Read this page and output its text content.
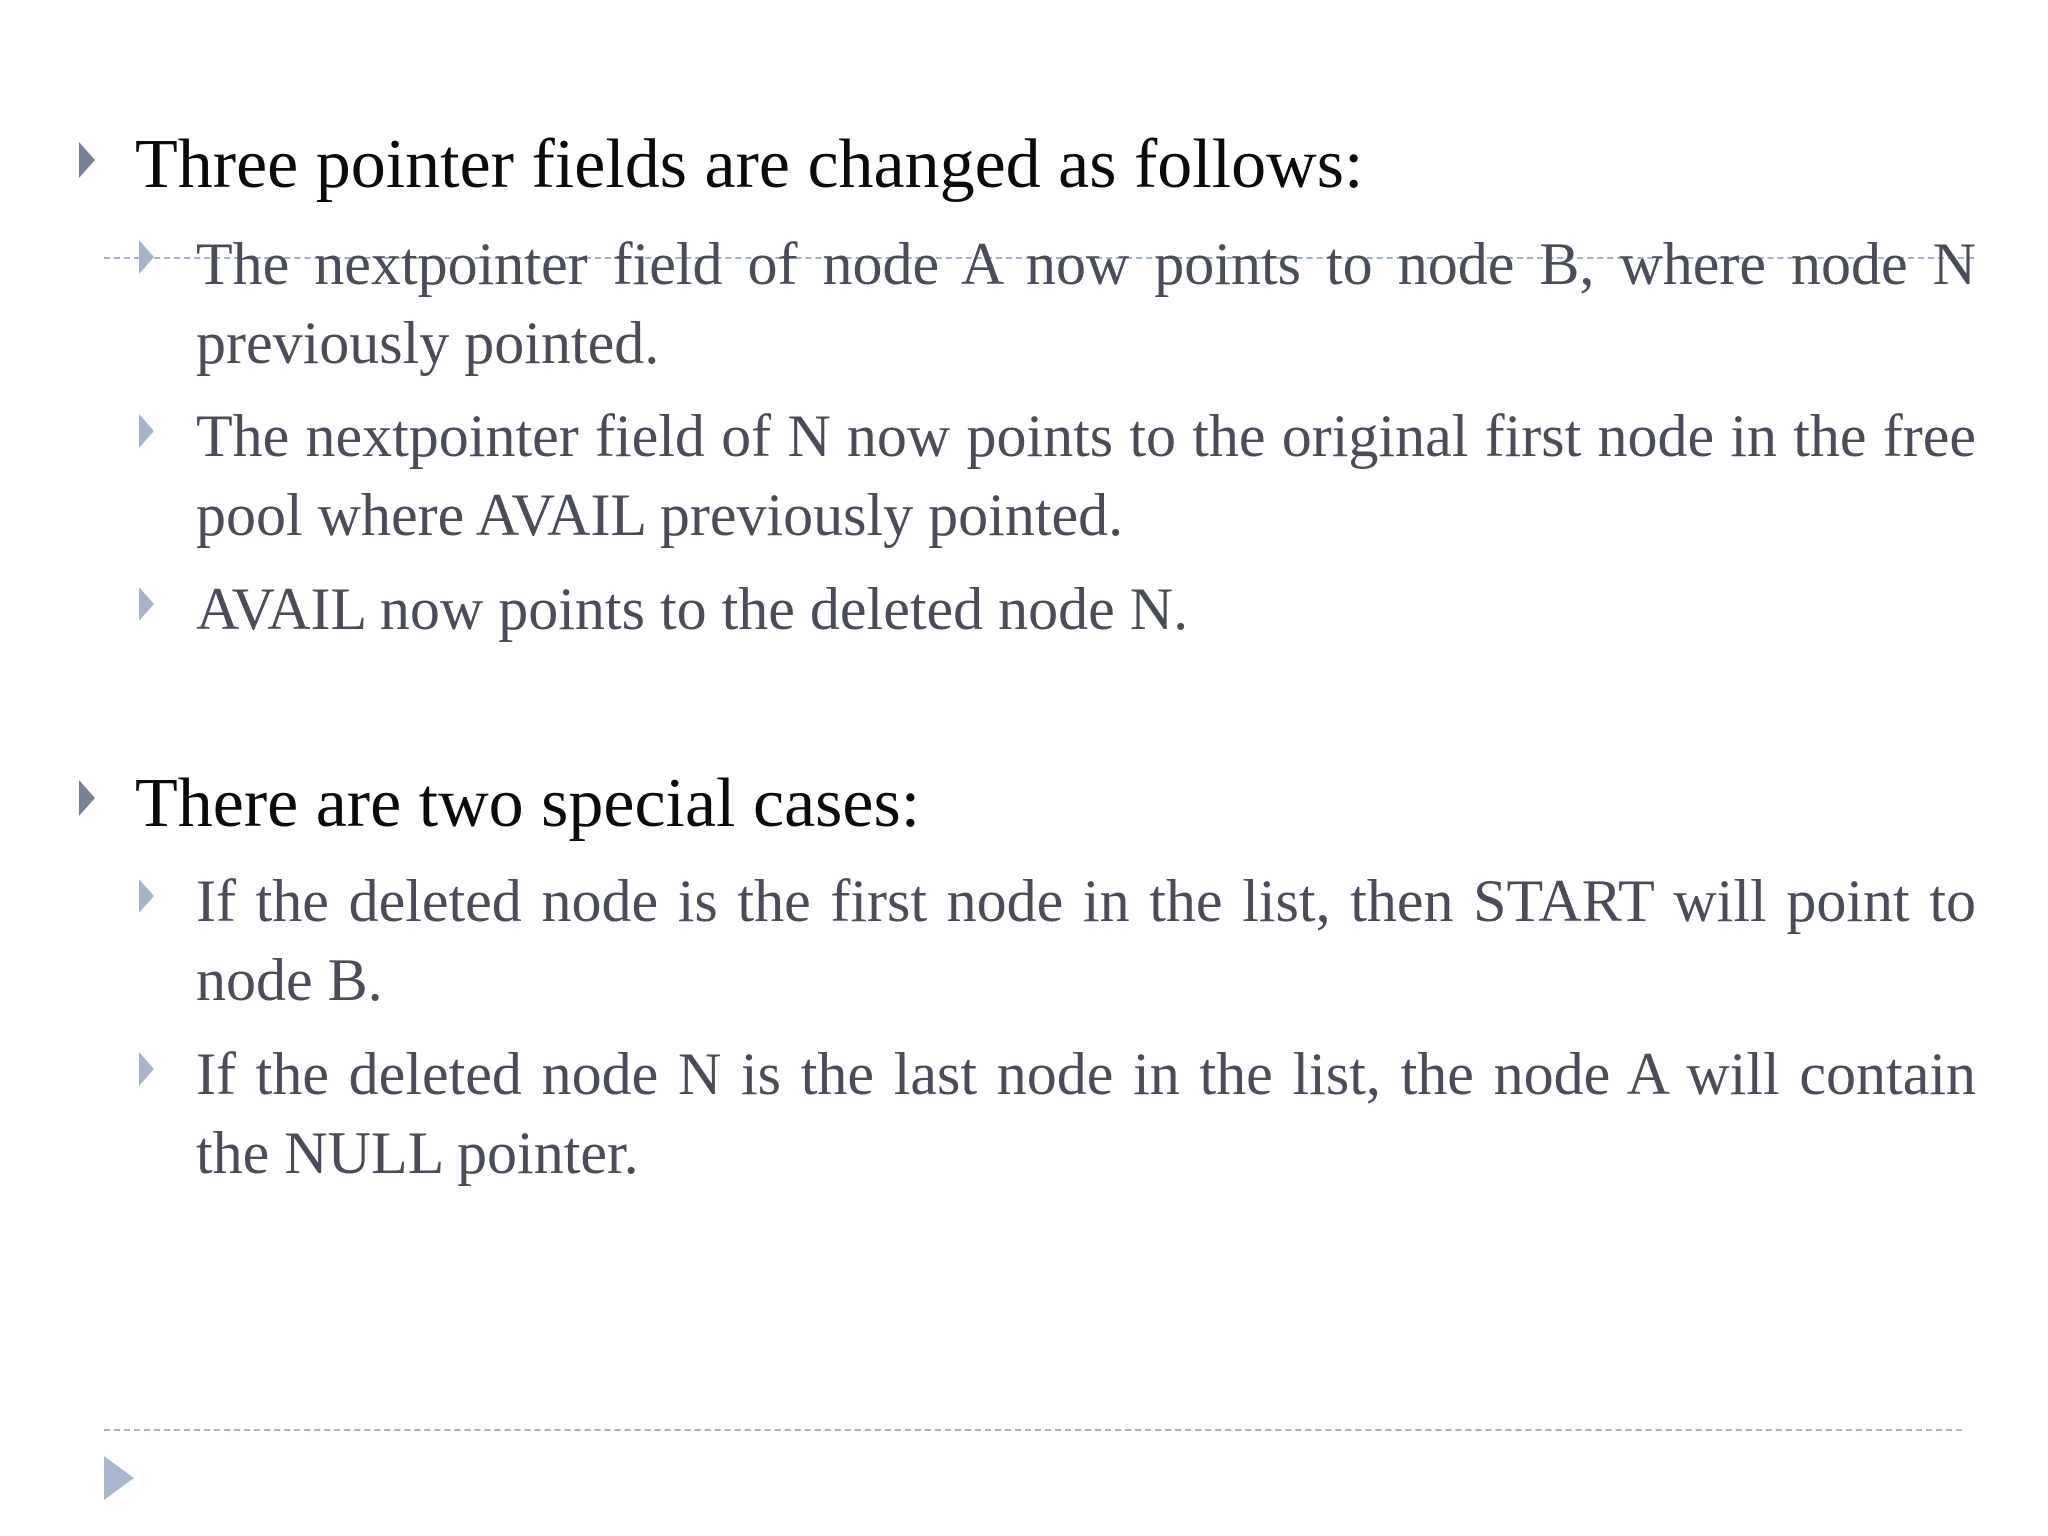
Three pointer fields are changed as follows:
The nextpointer field of node A now points to node B, where node N previously pointed.
The nextpointer field of N now points to the original first node in the free pool where AVAIL previously pointed.
AVAIL now points to the deleted node N.
There are two special cases:
If the deleted node is the first node in the list, then START will point to node B.
If the deleted node N is the last node in the list, the node A will contain the NULL pointer.
